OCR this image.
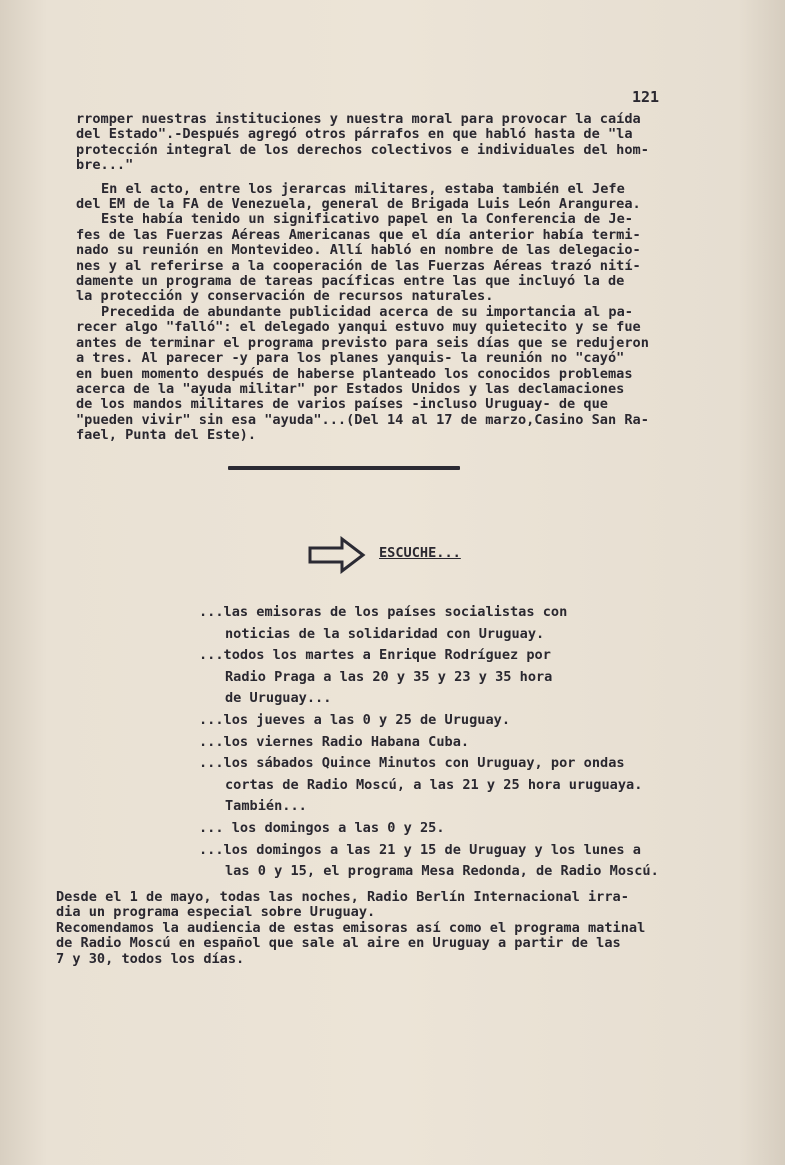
121

rromper nuestras instituciones y nuestra moral para provocar la caída

del Estado".-Después agregó otros párrafos en que habló hasta de "la

protección integral de los derechos colectivos e individuales del hom-

bre..."

En el acto, entre los jerarcas militares, estaba también el Jefe

del EM de la FA de Venezuela, general de Brigada Luis León Arangurea.

Este había tenido un significativo papel en la Conferencia de Je-

fes de las Fuerzas Aéreas Americanas que el día anterior había termi-

nado su reunión en Montevideo. Allí habló en nombre de las delegacio-

nes y al referirse a la cooperación de las Fuerzas Aéreas trazó nití-

damente un programa de tareas pacíficas entre las que incluyó la de

la protección y conservación de recursos naturales.

Precedida de abundante publicidad acerca de su importancia al pa-

recer algo "falló": el delegado yanqui estuvo muy quietecito y se fue

antes de terminar el programa previsto para seis días que se redujeron

a tres. Al parecer -y para los planes yanquis- la reunión no "cayó"

en buen momento después de haberse planteado los conocidos problemas

acerca de la "ayuda militar" por Estados Unidos y las declamaciones

de los mandos militares de varios países -incluso Uruguay- de que

"pueden vivir" sin esa "ayuda"...(Del 14 al 17 de marzo,Casino San Ra-

fael, Punta del Este).

ESCUCHE...

...las emisoras de los países socialistas con

noticias de la solidaridad con Uruguay.

...todos los martes a Enrique Rodríguez por

Radio Praga a las 20 y 35 y 23 y 35 hora

de Uruguay...

...los jueves a las 0 y 25 de Uruguay.

...los viernes Radio Habana Cuba.

...los sábados Quince Minutos con Uruguay, por ondas

cortas de Radio Moscú, a las 21 y 25 hora uruguaya.

También...

... los domingos a las 0 y 25.

...los domingos a las 21 y 15 de Uruguay y los lunes a

las 0 y 15, el programa Mesa Redonda, de Radio Moscú.

Desde el 1 de mayo, todas las noches, Radio Berlín Internacional irra-

dia un programa especial sobre Uruguay.

Recomendamos la audiencia de estas emisoras así como el programa matinal

de Radio Moscú en español que sale al aire en Uruguay a partir de las

7 y 30, todos los días.
